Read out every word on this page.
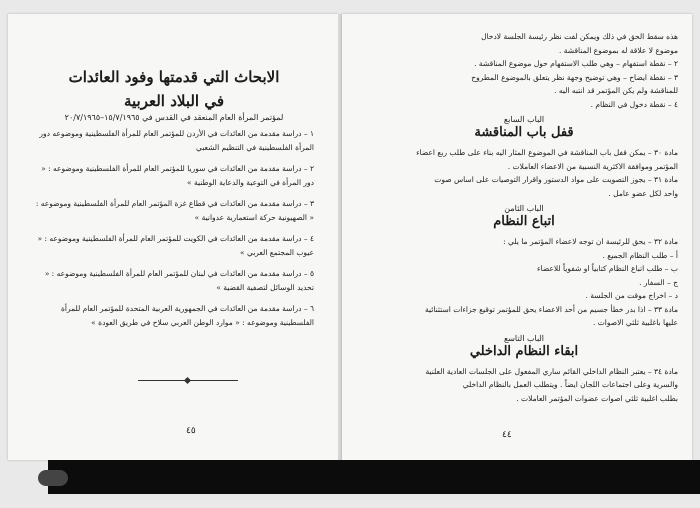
الابحاث التي قدمتها وفود العائدات
في البلاد العربية
لمؤتمر المرأة العام المنعقد في القدس في ١٥/٧/١٩٦٥–٢٠/٧/١٩٦٥
١ – دراسة مقدمة من العائدات في الأردن للمؤتمر العام للمرأة الفلسطينية وموضوعه دور المرأة الفلسطينية في التنظيم الشعبي
٢ – دراسة مقدمة من العائدات في سوريا للمؤتمر العام للمرأة الفلسطينية وموضوعه : « دور المرأة في التوعية والدعاية الوطنية »
٣ – دراسة مقدمة من العائدات في قطاع غزة المؤتمر العام للمرأة الفلسطينية وموضوعه : « الصهيونية حركة استعمارية عدوانية »
٤ – دراسة مقدمة من العائدات في الكويت للمؤتمر العام للمرأة الفلسطينية وموضوعه : « عيوب المجتمع العربي »
٥ – دراسة مقدمة من العائدات في لبنان للمؤتمر العام للمرأة الفلسطينية وموضوعه : « تحديد الوسائل لتصفية القضية »
٦ – دراسة مقدمة من العائدات في الجمهورية العربية المتحدة للمؤتمر العام للمرأة الفلسطينية وموضوعه : « موارد الوطن العربي سلاح في طريق العودة »
٤٥

هذه سقط الحق في ذلك ويمكن لفت نظر رئيسة الجلسة لادخال

موضوع لا علاقة له بموضوع المناقشة .

٢ – نقطة استفهام – وهي طلب الاستفهام حول موضوع المناقشة .

٣ – نقطة ايضاح – وهي توضيح وجهة نظر يتعلق بالموضوع المطروح

للمناقشة ولم يكن المؤتمر قد انتبه اليه .

٤ – نقطة دخول في النظام .

الباب السابع
قفل باب المناقشة

مادة ٣٠ – يمكن قفل باب المناقشة في الموضوع المثار اليه بناء على طلب ربع اعضاء

المؤتمر وموافقة الاكثرية النسبية من الاعضاء العاملات .

مادة ٣١ – يجوز التصويت على مواد الدستور واقرار التوصيات على اساس صوت

واحد لكل عضو عامل .

الباب الثامن
اتباع النظام

مادة ٣٢ – يحق للرئيسة ان توجه لاعضاء المؤتمر ما يلي :

أ – طلب النظام الجميع .

ب – طلب اتباع النظام كتابياً او شفوياً للاعضاء

ج – السفار .

د – اخراج موقت من الجلسة .

مادة ٣٣ – اذا بدر خطأ جسيم من أحد الاعضاء يحق للمؤتمر توقيع جزاءات استثنائية

عليها باغلبية ثلثي الاصوات .

الباب التاسع
ابقاء النظام الداخلي

مادة ٣٤ – يعتبر النظام الداخلي القائم ساري المفعول على الجلسات العادية العلنية

والسرية وعلى اجتماعات اللجان ايضاً . ويتطلب العمل بالنظام الداخلي

بطلب اغلبية ثلثي اصوات عضوات المؤتمر العاملات .

٤٤
